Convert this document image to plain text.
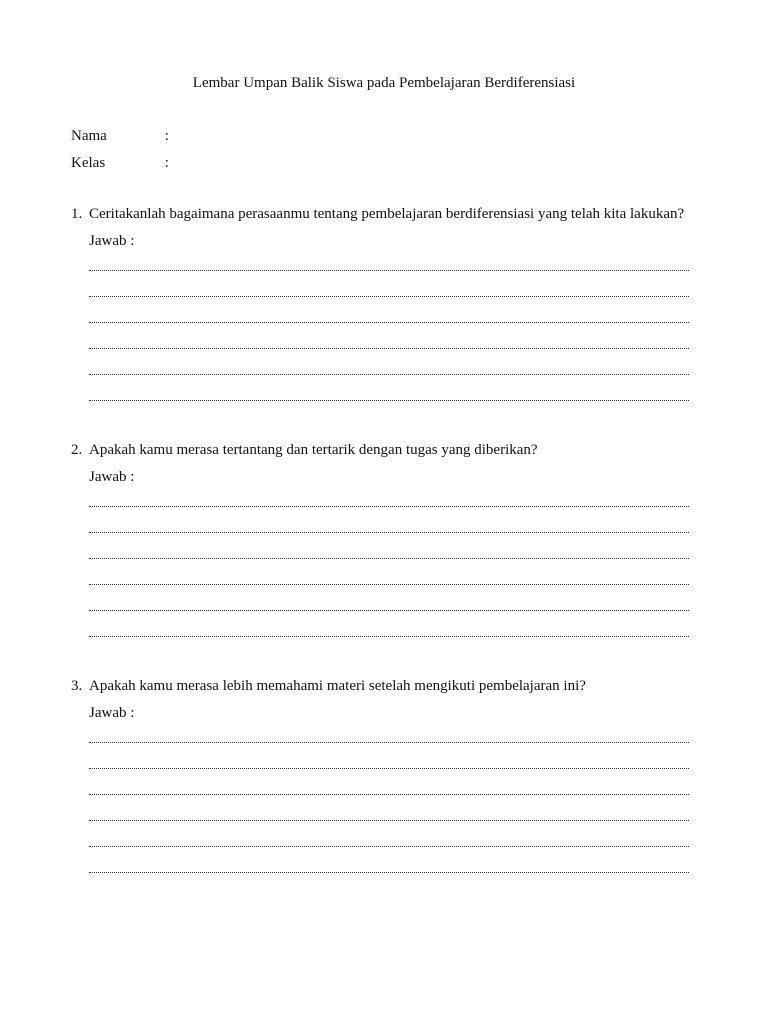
Lembar Umpan Balik Siswa pada Pembelajaran Berdiferensiasi
Nama	:
Kelas	:
1. Ceritakanlah bagaimana perasaanmu tentang pembelajaran berdiferensiasi yang telah kita lakukan?
Jawab :
2. Apakah kamu merasa tertantang dan tertarik dengan tugas yang diberikan?
Jawab :
3. Apakah kamu merasa lebih memahami materi setelah mengikuti pembelajaran ini?
Jawab :
